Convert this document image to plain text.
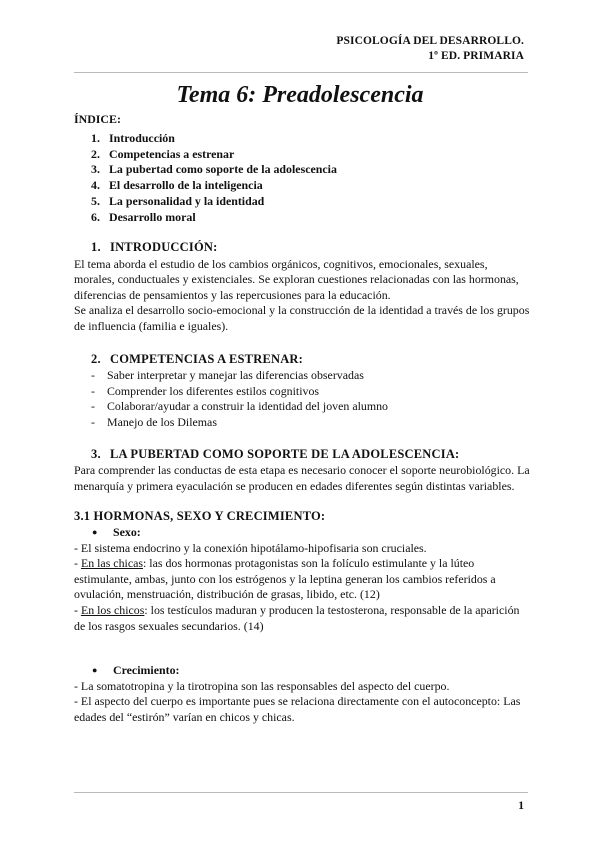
PSICOLOGÍA DEL DESARROLLO.
1º ED. PRIMARIA
Tema 6: Preadolescencia

ÍNDICE:

1. Introducción
2. Competencias a estrenar
3. La pubertad como soporte de la adolescencia
4. El desarrollo de la inteligencia
5. La personalidad y la identidad
6. Desarrollo moral
1. INTRODUCCIÓN:

El tema aborda el estudio de los cambios orgánicos, cognitivos, emocionales, sexuales, morales, conductuales y existenciales. Se exploran cuestiones relacionadas con las hormonas, diferencias de pensamientos y las repercusiones para la educación.

Se analiza el desarrollo socio-emocional y la construcción de la identidad a través de los grupos de influencia (familia e iguales).

2. COMPETENCIAS A ESTRENAR:
- Saber interpretar y manejar las diferencias observadas
- Comprender los diferentes estilos cognitivos
- Colaborar/ayudar a construir la identidad del joven alumno
- Manejo de los Dilemas
3. LA PUBERTAD COMO SOPORTE DE LA ADOLESCENCIA:

Para comprender las conductas de esta etapa es necesario conocer el soporte neurobiológico. La menarquía y primera eyaculación se producen en edades diferentes según distintas variables.

3.1 HORMONAS, SEXO Y CRECIMIENTO:
● Sexo:

- El sistema endocrino y la conexión hipotálamo-hipofisaria son cruciales.

- En las chicas: las dos hormonas protagonistas son la folículo estimulante y la lúteo estimulante, ambas, junto con los estrógenos y la leptina generan los cambios referidos a ovulación, menstruación, distribución de grasas, libido, etc. (12)

- En los chicos: los testículos maduran y producen la testosterona, responsable de la aparición de los rasgos sexuales secundarios. (14)

● Crecimiento:

- La somatotropina y la tirotropina son las responsables del aspecto del cuerpo.

- El aspecto del cuerpo es importante pues se relaciona directamente con el autoconcepto: Las edades del “estirón” varían en chicos y chicas.

1
